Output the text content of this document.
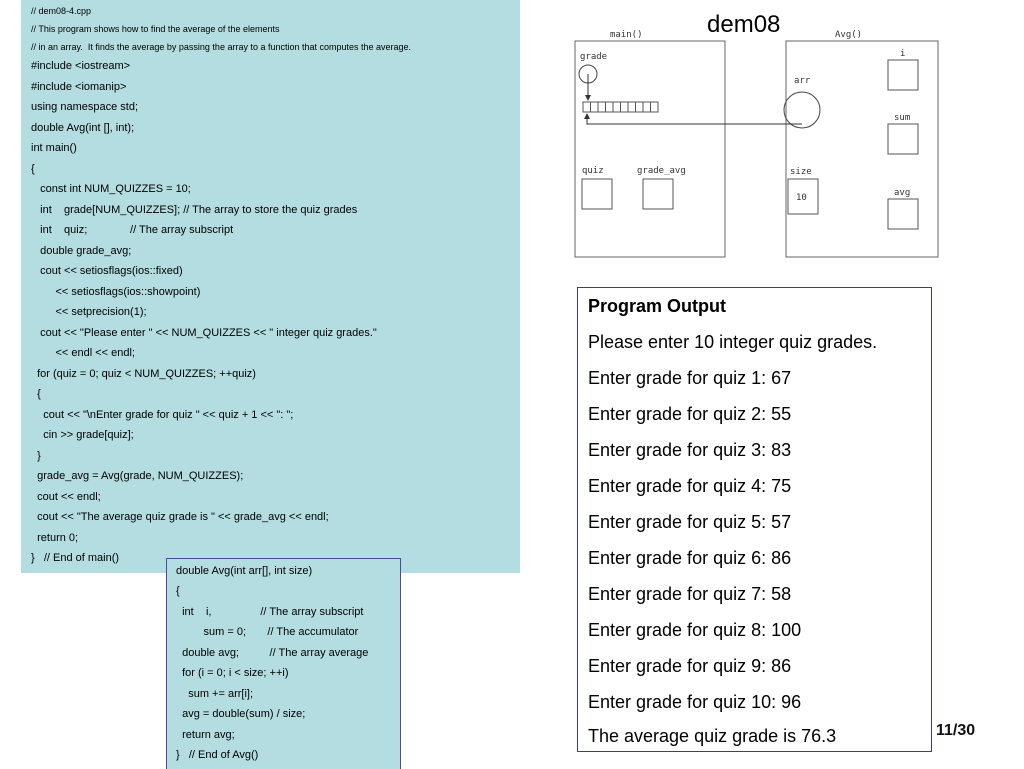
// dem08-4.cpp
// This program shows how to find the average of the elements
// in an array.  It finds the average by passing the array to a function that computes the average.
#include <iostream>
#include <iomanip>
using namespace std;
double Avg(int [], int);
int main()
{
const int NUM_QUIZZES = 10;
int    grade[NUM_QUIZZES]; // The array to store the quiz grades
int    quiz;              // The array subscript
double grade_avg;
cout << setiosflags(ios::fixed)
<< setiosflags(ios::showpoint)
<< setprecision(1);
cout << "Please enter " << NUM_QUIZZES << " integer quiz grades."
<< endl << endl;
for (quiz = 0; quiz < NUM_QUIZZES; ++quiz)
{
cout << "\nEnter grade for quiz " << quiz + 1 << ": ";
cin >> grade[quiz];
}
grade_avg = Avg(grade, NUM_QUIZZES);
cout << endl;
cout << "The average quiz grade is " << grade_avg << endl;
return 0;
}   // End of main()
double Avg(int arr[], int size)
{
int    i,                // The array subscript
sum = 0;       // The accumulator
double avg;          // The array average
for (i = 0; i < size; ++i)
sum += arr[i];
avg = double(sum) / size;
return avg;
}   // End of Avg()
dem08
main()	Avg()
grade
arr
quiz	grade_avg	size
10
i
sum
avg
Program Output
Please enter 10 integer quiz grades.
Enter grade for quiz 1: 67
Enter grade for quiz 2: 55
Enter grade for quiz 3: 83
Enter grade for quiz 4: 75
Enter grade for quiz 5: 57
Enter grade for quiz 6: 86
Enter grade for quiz 7: 58
Enter grade for quiz 8: 100
Enter grade for quiz 9: 86
Enter grade for quiz 10: 96
The average quiz grade is 76.3	11/30
